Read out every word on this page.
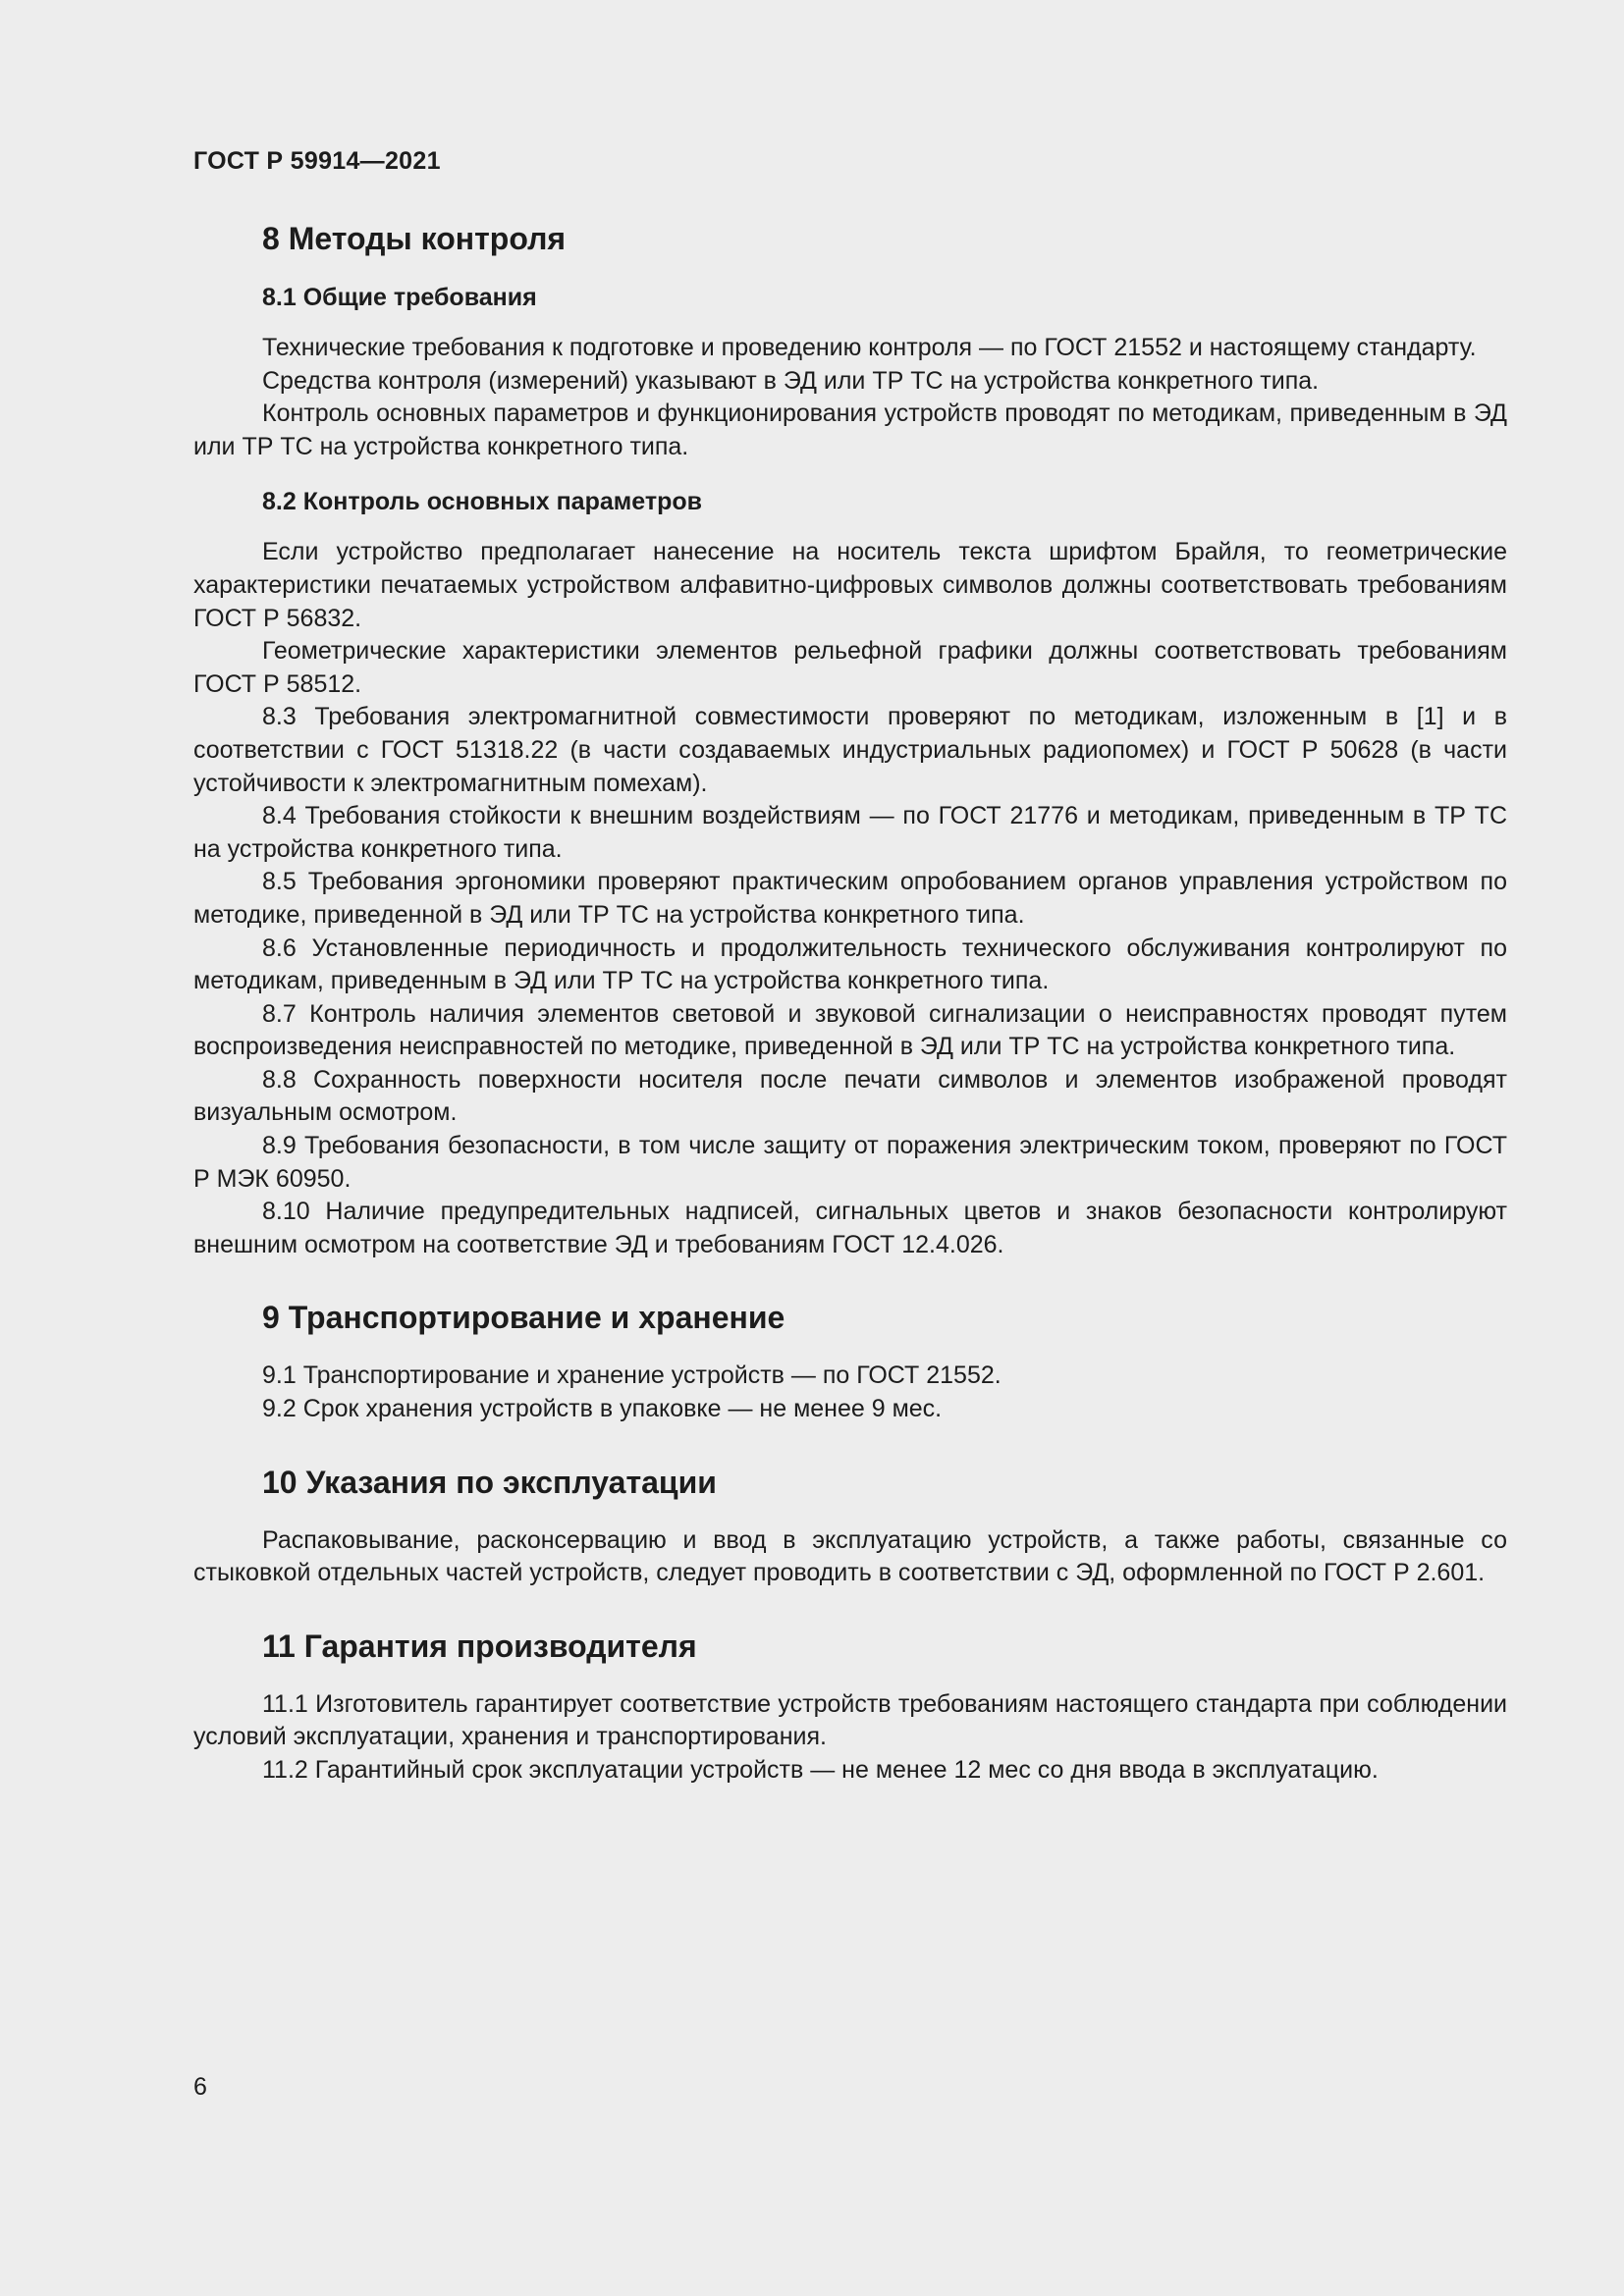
ГОСТ Р 59914—2021
8 Методы контроля
8.1 Общие требования

Технические требования к подготовке и проведению контроля — по ГОСТ 21552 и настоящему стандарту.

Средства контроля (измерений) указывают в ЭД или ТР ТС на устройства конкретного типа.

Контроль основных параметров и функционирования устройств проводят по методикам, приведенным в ЭД или ТР ТС на устройства конкретного типа.

8.2 Контроль основных параметров

Если устройство предполагает нанесение на носитель текста шрифтом Брайля, то геометрические характеристики печатаемых устройством алфавитно-цифровых символов должны соответствовать требованиям ГОСТ Р 56832.

Геометрические характеристики элементов рельефной графики должны соответствовать требованиям ГОСТ Р 58512.

8.3 Требования электромагнитной совместимости проверяют по методикам, изложенным в [1] и в соответствии с ГОСТ 51318.22 (в части создаваемых индустриальных радиопомех) и ГОСТ Р 50628 (в части устойчивости к электромагнитным помехам).

8.4 Требования стойкости к внешним воздействиям — по ГОСТ 21776 и методикам, приведенным в ТР ТС на устройства конкретного типа.

8.5 Требования эргономики проверяют практическим опробованием органов управления устройством по методике, приведенной в ЭД или ТР ТС на устройства конкретного типа.

8.6 Установленные периодичность и продолжительность технического обслуживания контролируют по методикам, приведенным в ЭД или ТР ТС на устройства конкретного типа.

8.7 Контроль наличия элементов световой и звуковой сигнализации о неисправностях проводят путем воспроизведения неисправностей по методике, приведенной в ЭД или ТР ТС на устройства конкретного типа.

8.8 Сохранность поверхности носителя после печати символов и элементов изображеной проводят визуальным осмотром.

8.9 Требования безопасности, в том числе защиту от поражения электрическим током, проверяют по ГОСТ Р МЭК 60950.

8.10 Наличие предупредительных надписей, сигнальных цветов и знаков безопасности контролируют внешним осмотром на соответствие ЭД и требованиям ГОСТ 12.4.026.

9 Транспортирование и хранение

9.1 Транспортирование и хранение устройств — по ГОСТ 21552.

9.2 Срок хранения устройств в упаковке — не менее 9 мес.

10 Указания по эксплуатации

Распаковывание, расконсервацию и ввод в эксплуатацию устройств, а также работы, связанные со стыковкой отдельных частей устройств, следует проводить в соответствии с ЭД, оформленной по ГОСТ Р 2.601.

11 Гарантия производителя

11.1 Изготовитель гарантирует соответствие устройств требованиям настоящего стандарта при соблюдении условий эксплуатации, хранения и транспортирования.

11.2 Гарантийный срок эксплуатации устройств — не менее 12 мес со дня ввода в эксплуатацию.

6
